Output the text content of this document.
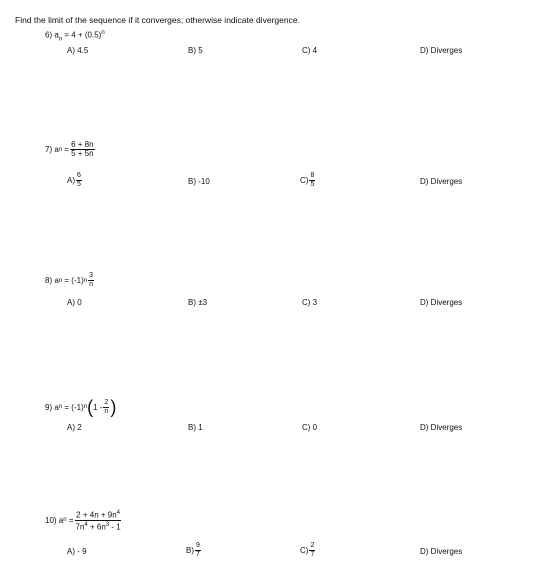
Find the limit of the sequence if it converges; otherwise indicate divergence.
6) $a_n = 4 + (0.5)^n$
A) 4.5	B) 5	C) 4	D) Diverges
7)
a n
= $\frac{6 + 8n}{5 + 5n}$
$A) \frac{6}{5}$	B) -10	$C) \frac{8}{5}$	D) Diverges
8)
a n
= (-1) n $\frac{3}{n}$
A) 0	B) ±3	C) 3	D) Diverges
9)
a n
= (-1) n ( $1 - \frac{2}{n}$ )
A) 2	B) 1	C) 0	D) Diverges
10)
a n
= $\frac{2 + 4n + 9n^4}{7n^4 + 6n^3 - 1}$
A) - 9	$B) \frac{9}{7}$	$C) \frac{2}{7}$	D) Diverges
